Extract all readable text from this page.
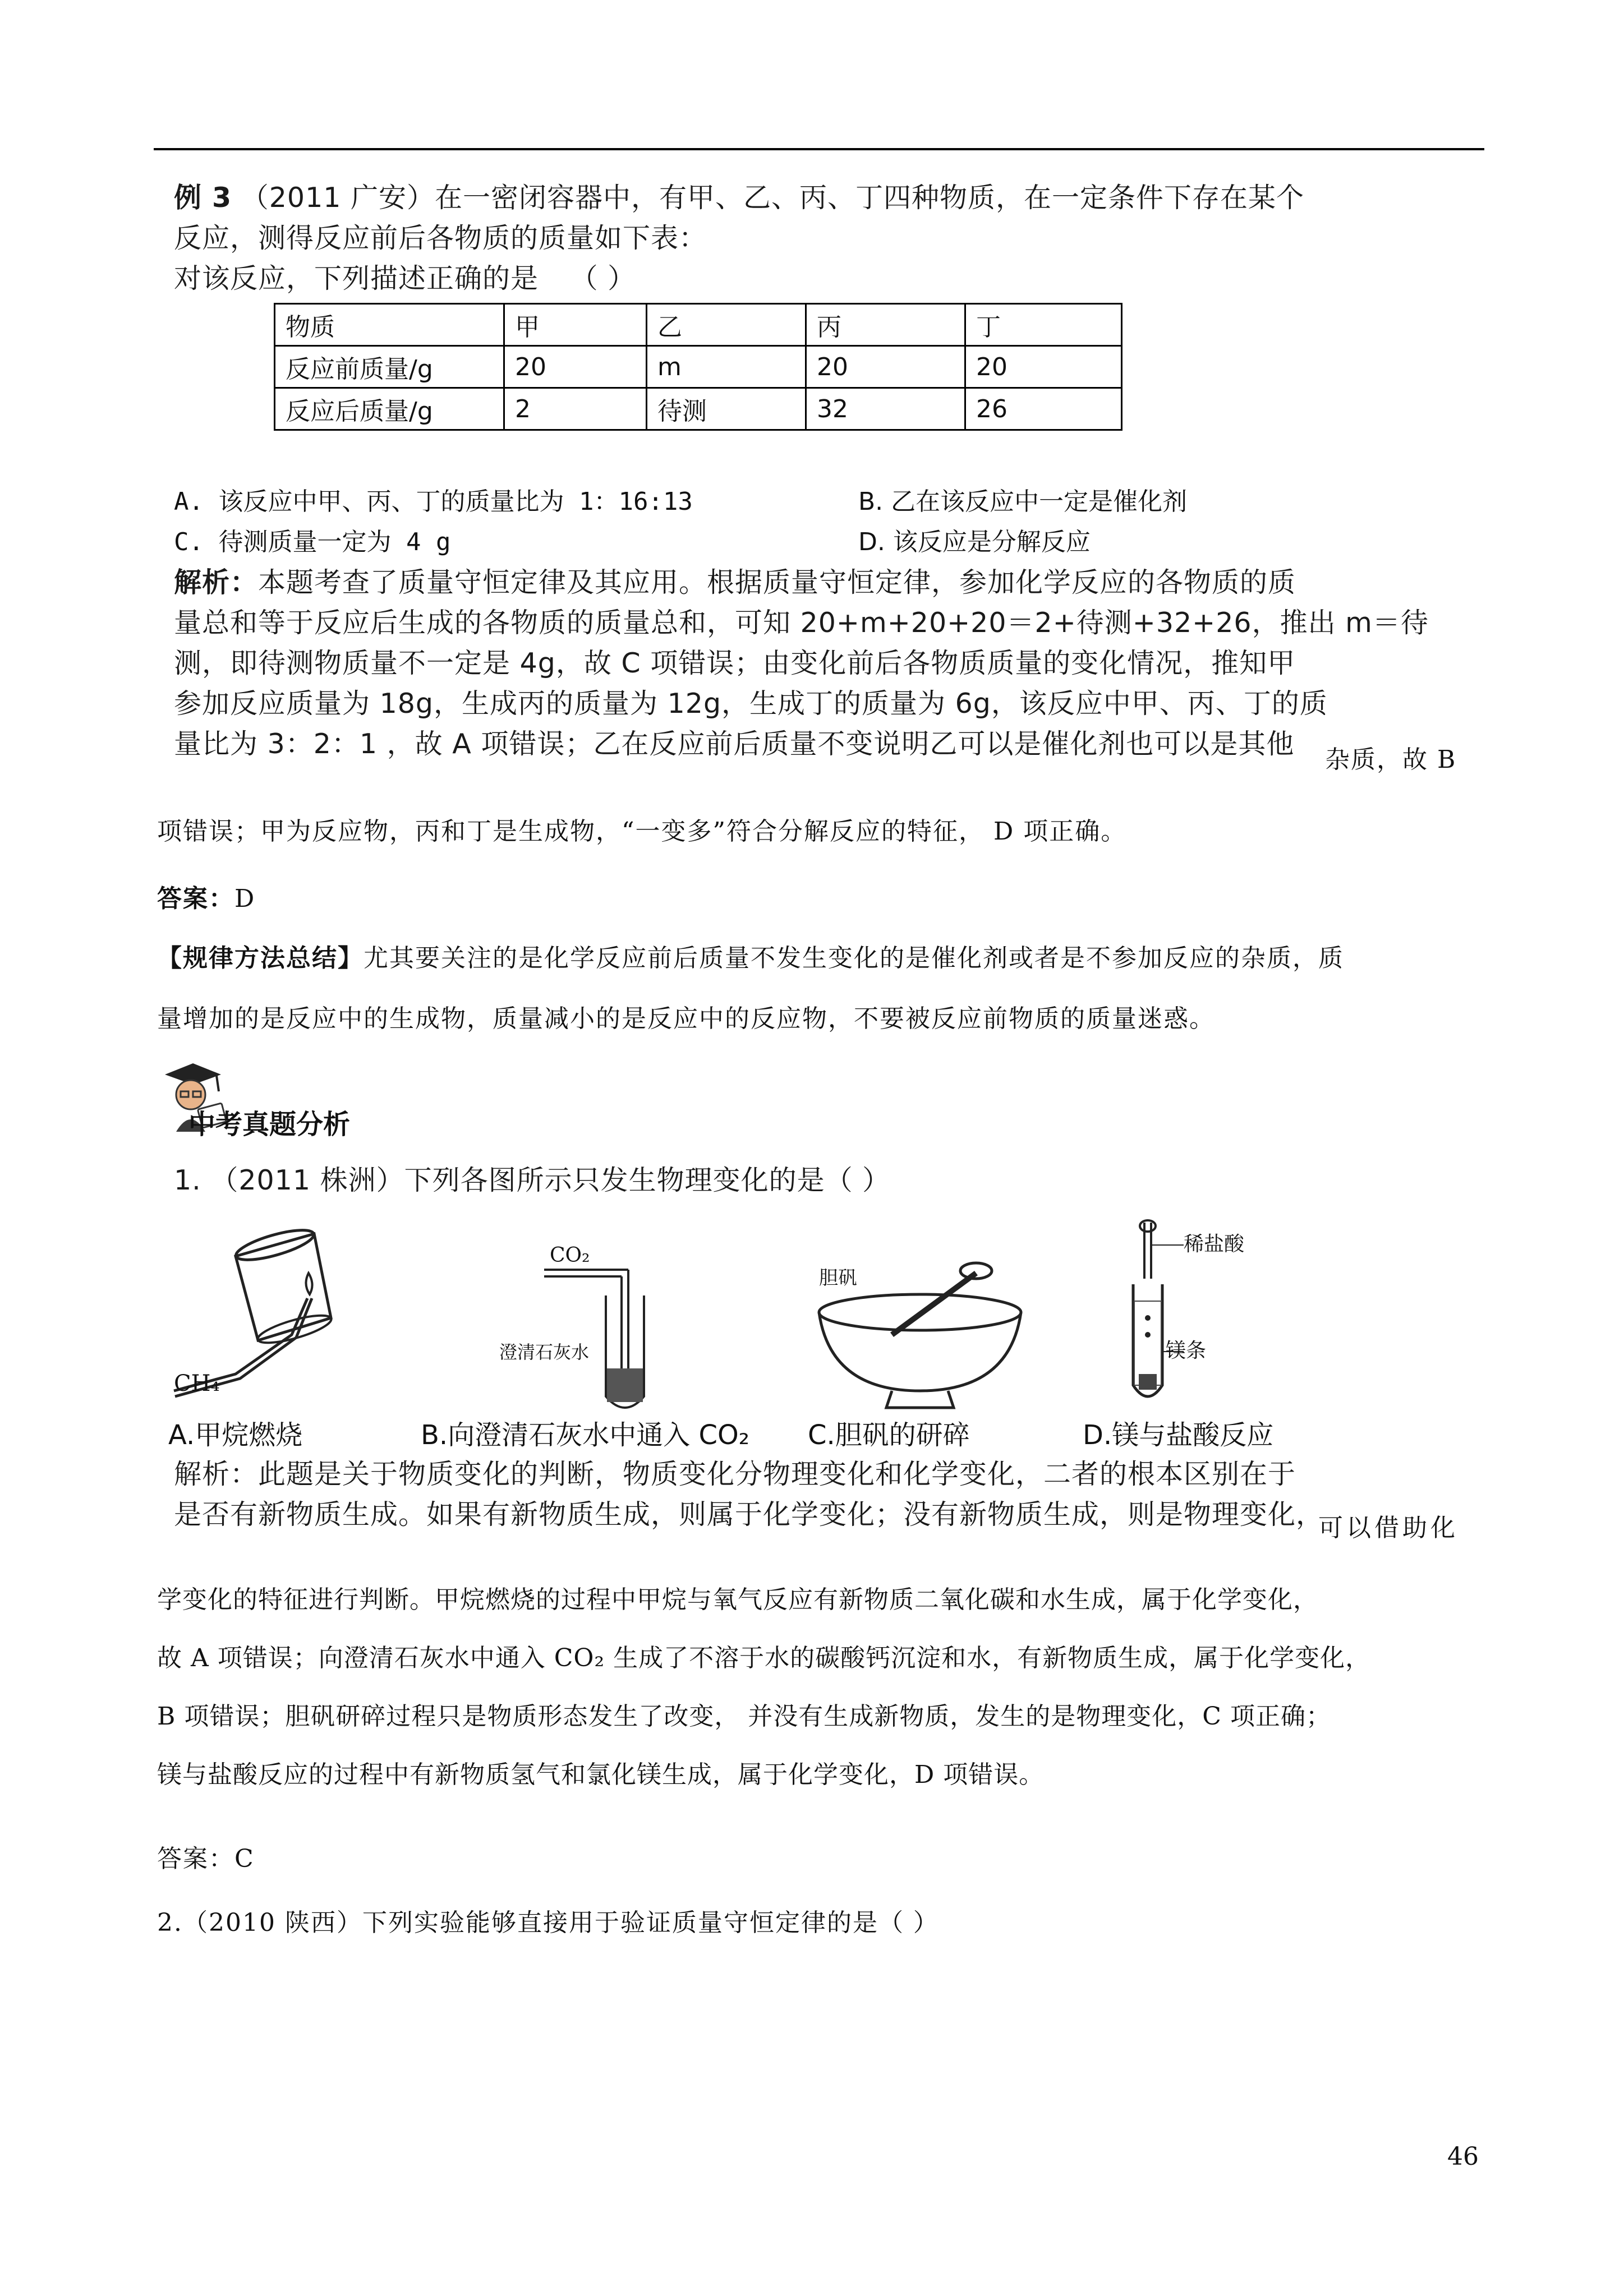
例 3 （2011 广安）在一密闭容器中，有甲、乙、丙、丁四种物质，在一定条件下存在某个
反应，测得反应前后各物质的质量如下表：
对该反应，下列描述正确的是 （ ）
物质	甲	乙	丙	丁
反应前质量/g	20	m	20	20
反应后质量/g	2	待测	32	26
A. 该反应中甲、丙、丁的质量比为 1：16:13	B. 乙在该反应中一定是催化剂
C. 待测质量一定为 4 g	D. 该反应是分解反应
解析：本题考查了质量守恒定律及其应用。根据质量守恒定律，参加化学反应的各物质的质
量总和等于反应后生成的各物质的质量总和，可知 20+m+20+20＝2+待测+32+26，推出 m＝待
测，即待测物质量不一定是 4g，故 C 项错误；由变化前后各物质质量的变化情况，推知甲
参加反应质量为 18g，生成丙的质量为 12g，生成丁的质量为 6g，该反应中甲、丙、丁的质
量比为 3：2：1 ，故 A 项错误；乙在反应前后质量不变说明乙可以是催化剂也可以是其他 杂质，故 B
项错误；甲为反应物，丙和丁是生成物，“一变多”符合分解反应的特征， D 项正确。
答案：D
【规律方法总结】尤其要关注的是化学反应前后质量不发生变化的是催化剂或者是不参加反应的杂质，质
量增加的是反应中的生成物，质量减小的是反应中的反应物，不要被反应前物质的质量迷惑。
中考真题分析
1. （2011 株洲）下列各图所示只发生物理变化的是（ ）
CH₄
CO₂
澄清石灰水
胆矾
稀盐酸
镁条
A.甲烷燃烧	B.向澄清石灰水中通入 CO₂ C.胆矾的研碎	D.镁与盐酸反应
解析：此题是关于物质变化的判断，物质变化分物理变化和化学变化，二者的根本区别在于
是否有新物质生成。如果有新物质生成，则属于化学变化；没有新物质生成，则是物理变化，
可以借助化
学变化的特征进行判断。甲烷燃烧的过程中甲烷与氧气反应有新物质二氧化碳和水生成，属于化学变化，
故 A 项错误；向澄清石灰水中通入 CO₂ 生成了不溶于水的碳酸钙沉淀和水，有新物质生成，属于化学变化，
B 项错误；胆矾研碎过程只是物质形态发生了改变， 并没有生成新物质，发生的是物理变化，C 项正确；
镁与盐酸反应的过程中有新物质氢气和氯化镁生成，属于化学变化，D 项错误。
答案：C
2.（2010 陕西）下列实验能够直接用于验证质量守恒定律的是（ ）
46
